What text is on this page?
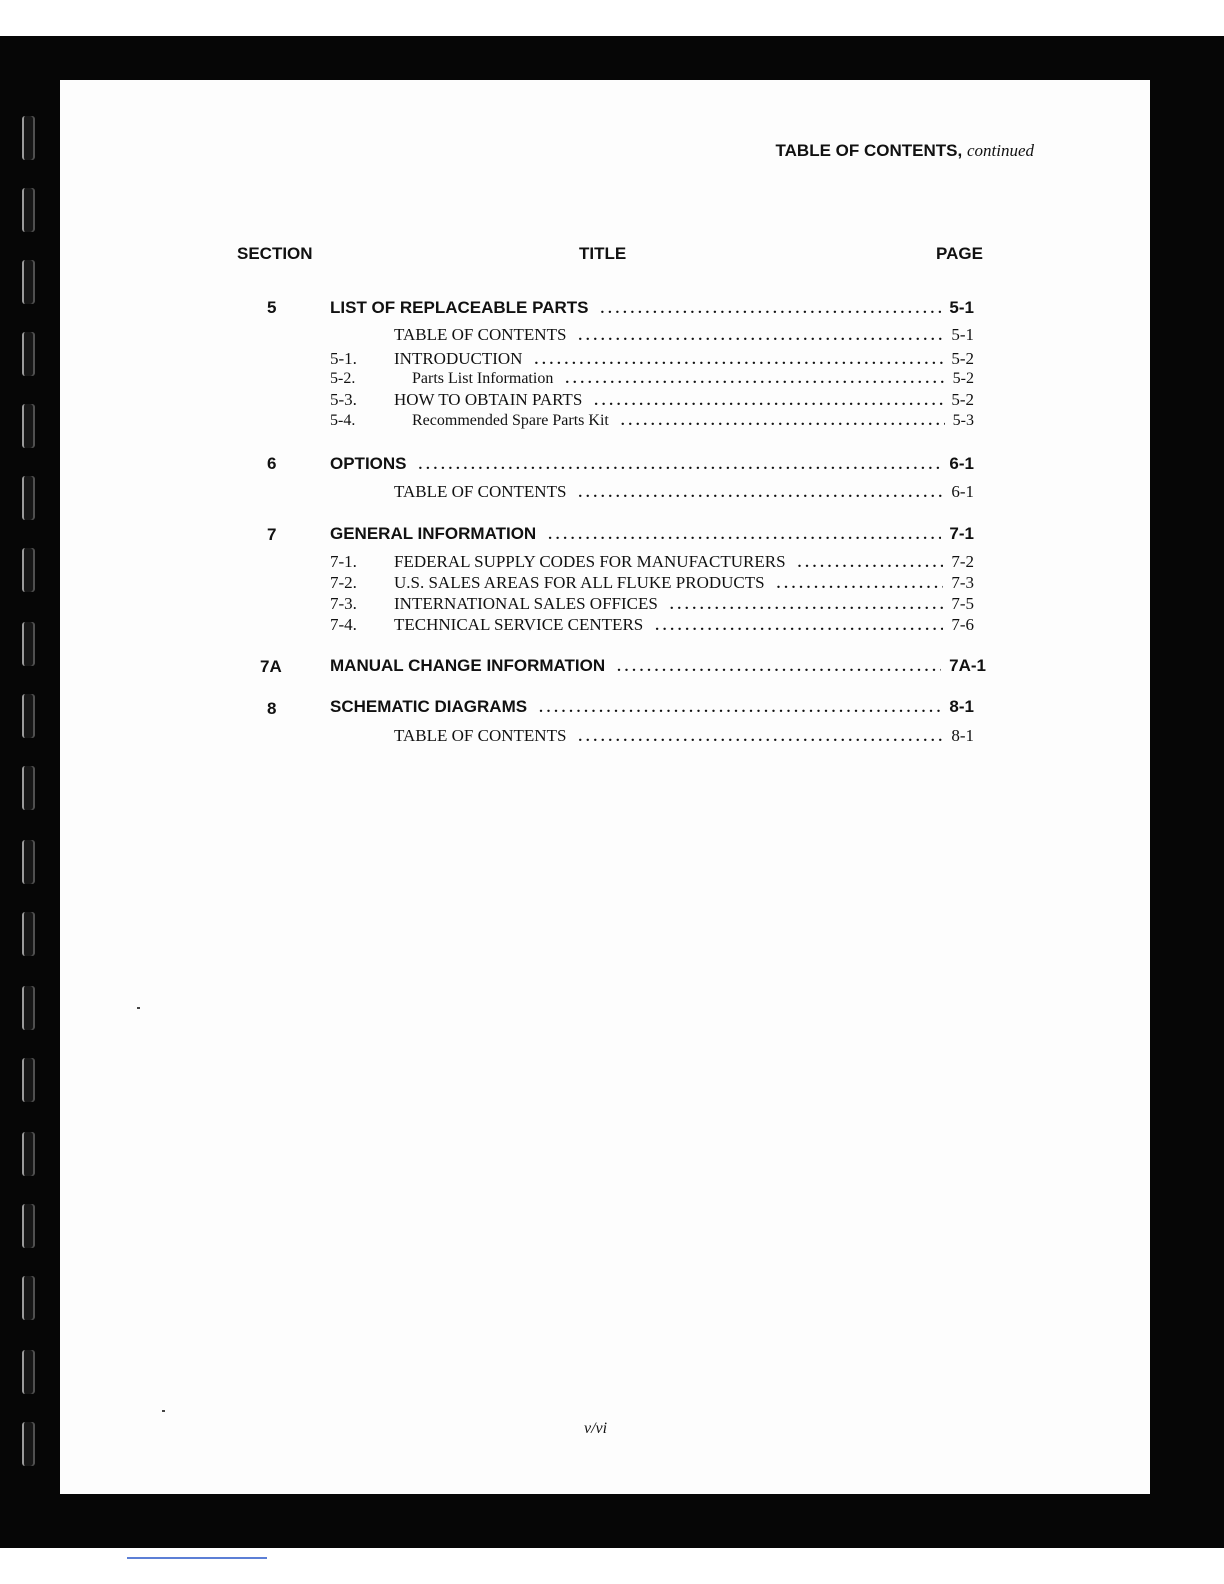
TABLE OF CONTENTS, continued
SECTION	TITLE	PAGE
5	LIST OF REPLACEABLE PARTS . . .	5-1
TABLE OF CONTENTS . . .	5-1
5-1.	INTRODUCTION . . .	5-2
5-2.	Parts List Information . . .	5-2
5-3.	HOW TO OBTAIN PARTS . . .	5-2
5-4.	Recommended Spare Parts Kit . . .	5-3
6	OPTIONS . . .	6-1
TABLE OF CONTENTS . . .	6-1
7	GENERAL INFORMATION . . .	7-1
7-1.	FEDERAL SUPPLY CODES FOR MANUFACTURERS . . .	7-2
7-2.	U.S. SALES AREAS FOR ALL FLUKE PRODUCTS . . .	7-3
7-3.	INTERNATIONAL SALES OFFICES . . .	7-5
7-4.	TECHNICAL SERVICE CENTERS . . .	7-6
7A	MANUAL CHANGE INFORMATION . . .	7A-1
8	SCHEMATIC DIAGRAMS . . .	8-1
TABLE OF CONTENTS . . .	8-1
v/vi
